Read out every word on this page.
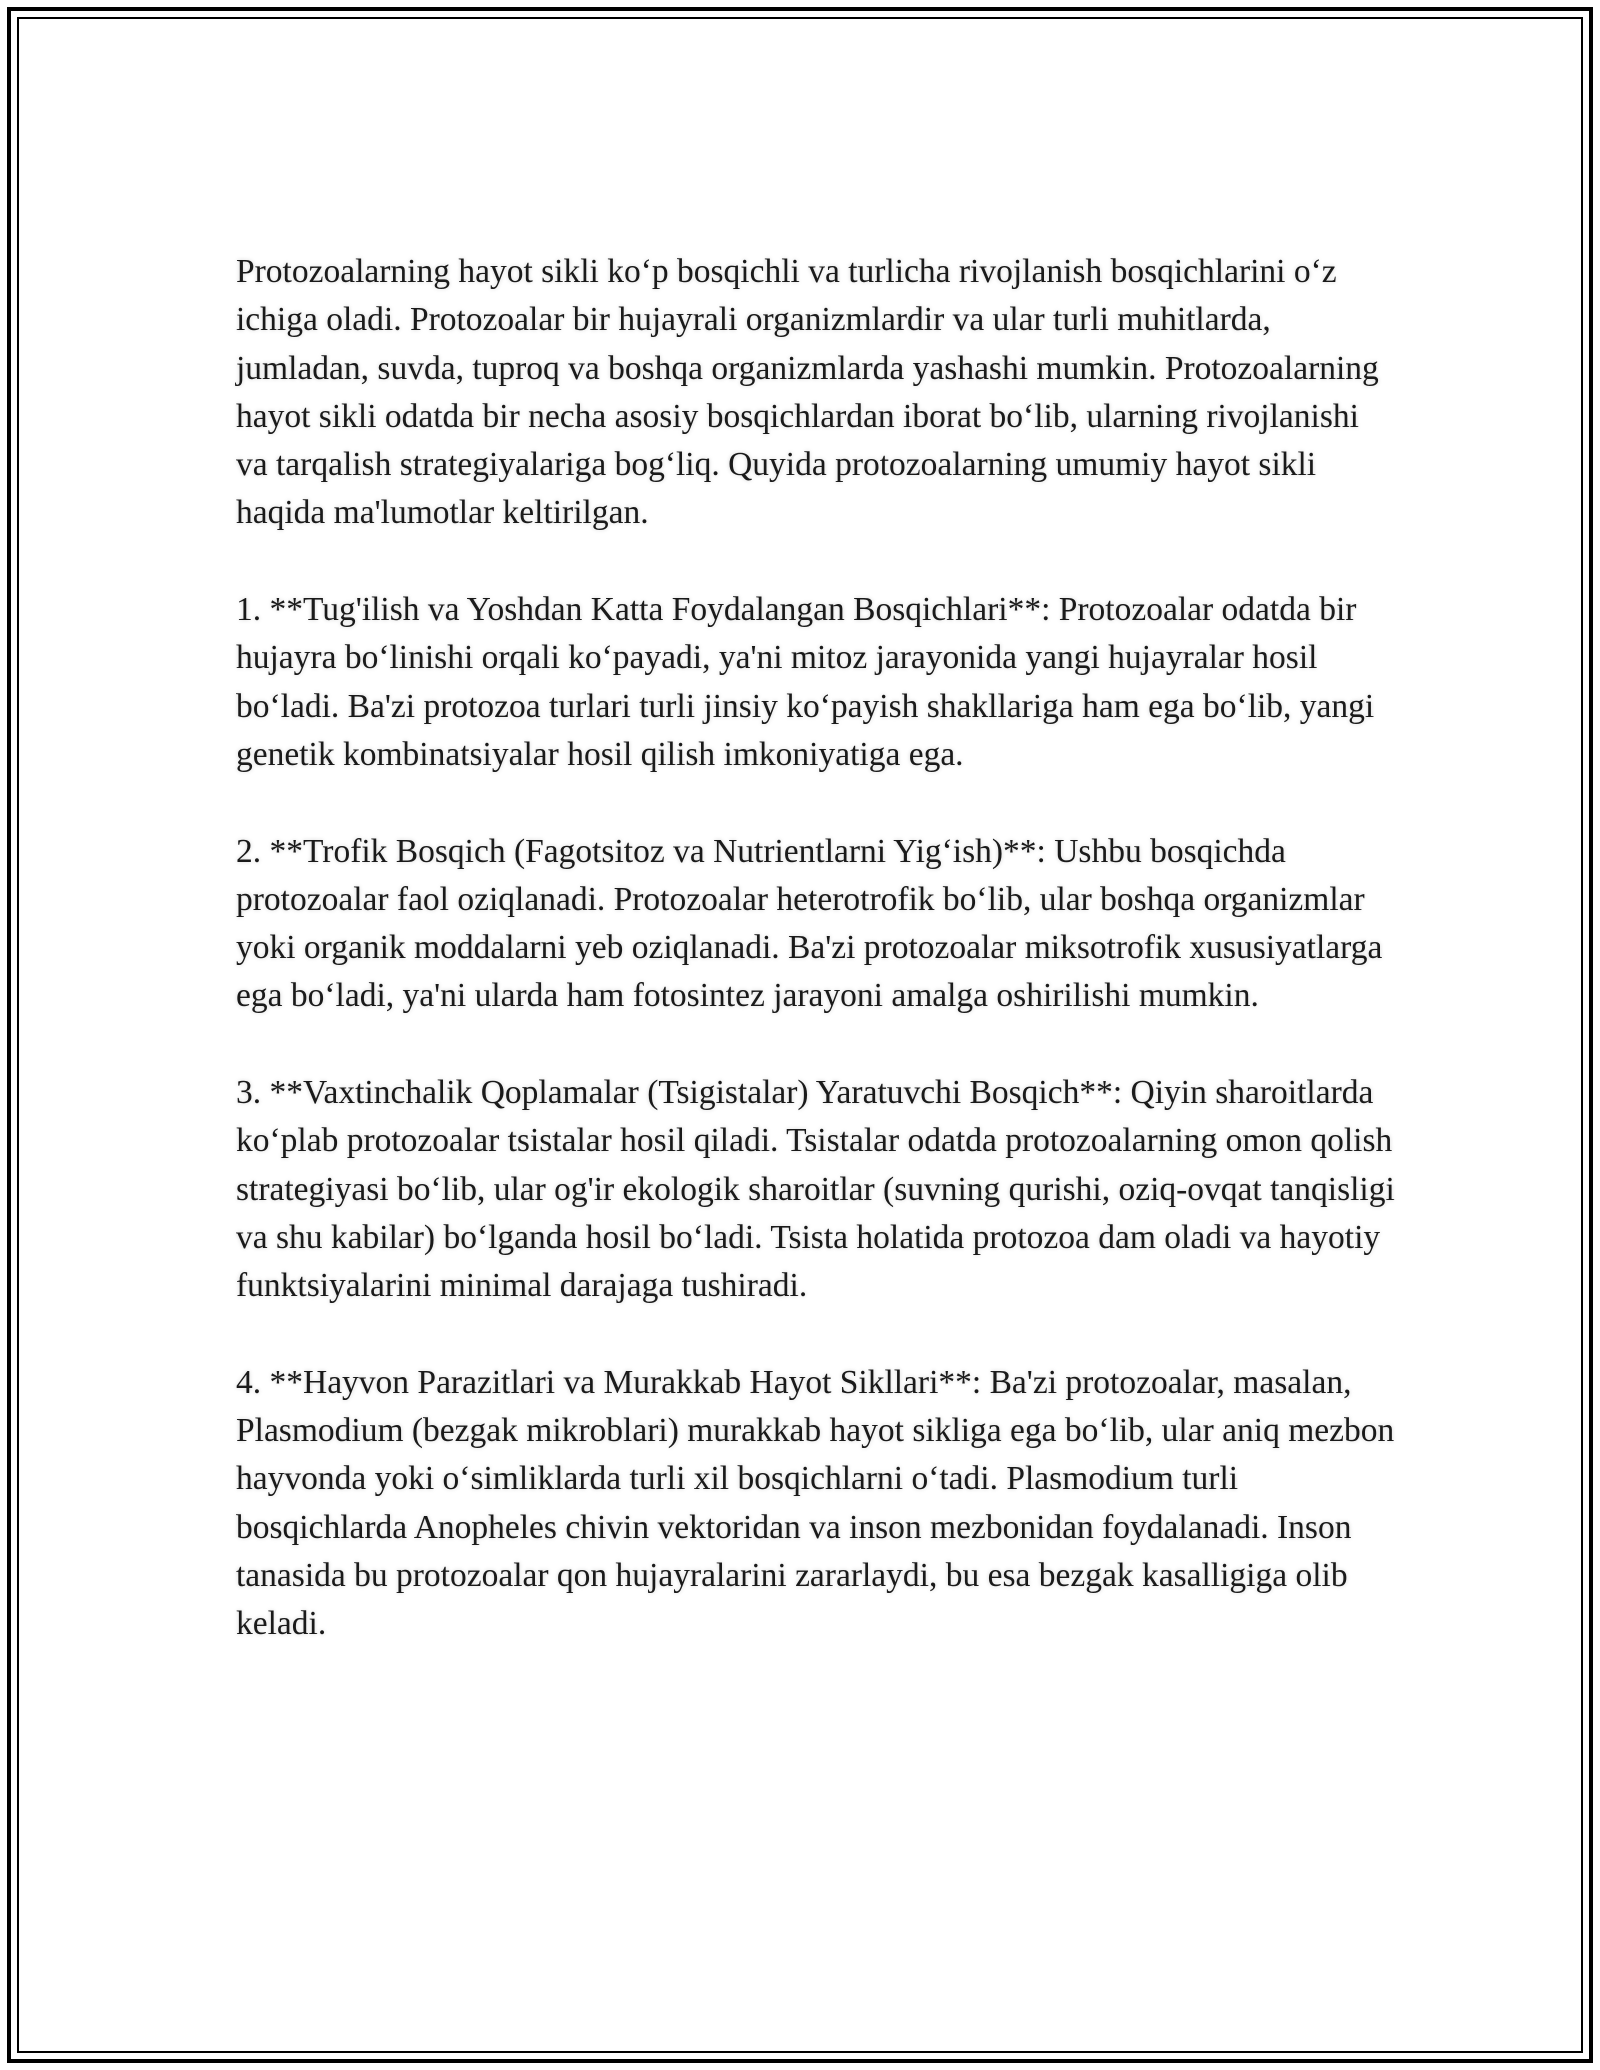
Protozoalarning hayot sikli ko‘p bosqichli va turlicha rivojlanish bosqichlarini o‘z ichiga oladi. Protozoalar bir hujayrali organizmlardir va ular turli muhitlarda, jumladan, suvda, tuproq va boshqa organizmlarda yashashi mumkin. Protozoalarning hayot sikli odatda bir necha asosiy bosqichlardan iborat bo‘lib, ularning rivojlanishi va tarqalish strategiyalariga bog‘liq. Quyida protozoalarning umumiy hayot sikli haqida ma'lumotlar keltirilgan.

1. **Tug'ilish va Yoshdan Katta Foydalangan Bosqichlari**: Protozoalar odatda bir hujayra bo‘linishi orqali ko‘payadi, ya'ni mitoz jarayonida yangi hujayralar hosil bo‘ladi. Ba'zi protozoa turlari turli jinsiy ko‘payish shakllariga ham ega bo‘lib, yangi genetik kombinatsiyalar hosil qilish imkoniyatiga ega.

2. **Trofik Bosqich (Fagotsitoz va Nutrientlarni Yig‘ish)**: Ushbu bosqichda protozoalar faol oziqlanadi. Protozoalar heterotrofik bo‘lib, ular boshqa organizmlar yoki organik moddalarni yeb oziqlanadi. Ba'zi protozoalar miksotrofik xususiyatlarga ega bo‘ladi, ya'ni ularda ham fotosintez jarayoni amalga oshirilishi mumkin.

3. **Vaxtinchalik Qoplamalar (Tsigistalar) Yaratuvchi Bosqich**: Qiyin sharoitlarda ko‘plab protozoalar tsistalar hosil qiladi. Tsistalar odatda protozoalarning omon qolish strategiyasi bo‘lib, ular og'ir ekologik sharoitlar (suvning qurishi, oziq-ovqat tanqisligi va shu kabilar) bo‘lganda hosil bo‘ladi. Tsista holatida protozoa dam oladi va hayotiy funktsiyalarini minimal darajaga tushiradi.

4. **Hayvon Parazitlari va Murakkab Hayot Sikllari**: Ba'zi protozoalar, masalan, Plasmodium (bezgak mikroblari) murakkab hayot sikliga ega bo‘lib, ular aniq mezbon hayvonda yoki o‘simliklarda turli xil bosqichlarni o‘tadi. Plasmodium turli bosqichlarda Anopheles chivin vektoridan va inson mezbonidan foydalanadi. Inson tanasida bu protozoalar qon hujayralarini zararlaydi, bu esa bezgak kasalligiga olib keladi.
